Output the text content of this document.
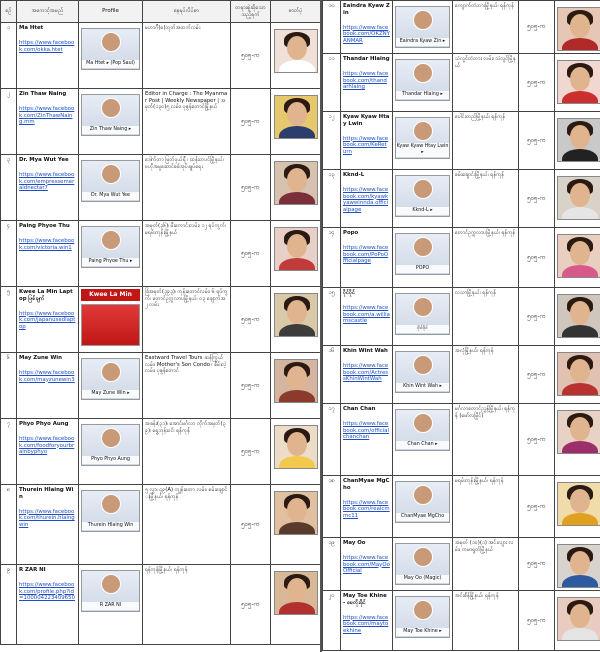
စဉ်	အကောင့်အမည်	Profile	နေရပ်လိပ်စာ	တရားစွဲဆိုသောသည့်ရက်	ဓာတ်ပုံ
၁	Ma Htet
https://www.facebook.com/okka.htet	Ma Htet ▸ (Pop Saul)	မဟာဂီ(စ)ဘုတ်အထက်လမ်း	၅၀၅-က	

၂	Zin Thaw Naing
https://www.facebook.com/ZinThawNaing.mm	Zin Thaw Naing ▸	Editor in Charge : The Myanmar Post | Weekly Newspaper | အမှတ်(၁၃၀)၅ လမ်း၊ ပုဇွန်တောင်မြို့နယ်	၅၀၅-က	

၃	Dr. Mya Wut Yee
https://www.facebook.com/empressemeraldnectar7	Dr. Mya Wut Yee	ဒေါက်တာ မြတ်ဝှယ်ရီ ၊ ထန်းတပင်မြို့နယ်၊ ဗဟိုအမှုဆောင်စစ်အုပ်ချုပ်ရေး	၅၀၅-က	

၄	Paing Phyoe Thu
https://www.facebook.com/victoria.win1	Paing Phyoe Thu ▸	အမှတ်(၃၆)၊ မီးကောင်းလမ်း၊ ၁၂ ရပ်ကွက်၊ မရမ်းကုန်းမြို့နယ်	၅၀၅-က	

၅	Kwee La Min Laptop ဖြစ်ချက်
https://www.facebook.com/japanusedlaptop	Kwee La Min	ခြံအမှတ်(၃၉၃)၊ ကုန်းတောင်လမ်း၊ ၆ ရပ်ကွက်၊ တောင်ဥက္ကလာပမြို့နယ်၊ ဝ၃ ချောက်အ၂ လမ်း	၅၀၅-က	

၆	May Zune Win
https://www.facebook.com/mayzunewin3	May Zune Win ▸	Eastward Travel Tours ဆန်ကြွယ်လမ်း၊ Mother's Son Condo ၊ စိမ်းလဲ့လမ်း၊ ပုဇွန်တောင်	၅၀၅-က	

၇	Phyo Phyo Aung
https://www.facebook.com/foodforyourbrainbyphyo	Phyo Phyo Aung	အခန်း(၃၁)၊ အောင်မင်္ဂလာ တိုက်အမှတ်(၃၉)၊ ရွှေဘုန်းပင်၊ ရန်ကုန်	၅၀၅-က	

၈	Thurein Hlaing Win
https://www.facebook.com/thurein.hlaingwin	Thurein Hlaing Win	၅ လွှာ၊ ၄၉(A) ကျွန်းတော လမ်း၊ စမ်းချောင်းမြို့နယ်၊ ရန်ကုန်	၅၀၅-က	

၉	R ZAR NI
https://www.facebook.com/profile.php?id=100004223409650	R ZAR NI	ရန်ကုန်မြို့နယ်၊ ရန်ကုန်	၅၀၅-က	
၁၀	Eaindra Kyaw Zin
https://www.facebook.com/OKZNYANMAR	Eaindra Kyaw Zin ▸	ကျောက်တံတားမြို့နယ်၊ ရန်ကုန်	၅၀၅-က	

၁၁	Thandar Hlaing
https://www.facebook.com/thandarhlaing	Thandar Hlaing ▸	သံလွင်တံတား လမ်း၊ သံလွင်မြို့နယ်	၅၀၅-က	

၁၂	Kyaw Kyaw Htay Lwin
https://www.facebook.com/KeReturn	Kyaw Kyaw Htay Lwin ▸	ပေါင်းတည်မြို့နယ်၊ ရန်ကုန်	၅၀၅-က	

၁၃	Kknd-L
https://www.facebook.com/kyawkyawwinnda.officialpage	Kknd-L ▸	စမ်းချောင်းမြို့နယ်၊ ရန်ကုန်	၅၀၅-က	

၁၄	Popo
https://www.facebook.com/PoPoOfficialpage	POPO	တောင်ဥက္ကလာပမြို့နယ်၊ ရန်ကုန်	၅၀၅-က	

၁၅	ဝိုင်ဝိုင်
https://www.facebook.com/a.williamscastle	ဝိုင်ဝိုင်	လသာမြို့နယ်၊ ရန်ကုန်	၅၀၅-က	

၁၆	Khin Wint Wah
https://www.facebook.com/ActressKhinWintWah	Khin Wint Wah ▸	အလုံမြို့နယ်၊ ရန်ကုန်	၅၀၅-က	

၁၇	Chan Chan
https://www.facebook.com/officialchanchan	Chan Chan ▸	မင်္ဂလာတောင်ညွှန့်မြို့နယ်၊ ရန်ကုန် (မော်လမြိုင်)	၅၀၅-က	

၁၈	ChanMyae MgCho
https://www.facebook.com/realcmmc11	ChanMyae MgCho	မရမ်းကုန်းမြို့နယ်၊ ရန်ကုန်	၅၀၅-က	

၁၉	May Oo
https://www.facebook.com/MayOoOfficial	May Oo (Magic)	အမှတ် (၁၀)(၁) အင်းလျား လမ်း၊ ကမာရွတ်မြို့နယ်	၅၀၅-က	

၂၀	May Toe Khine - မေတိုးခိုင်
https://www.facebook.com/maytoekhine	May Toe Khine ▸	အင်းစိန်မြို့နယ်၊ ရန်ကုန်	၅၀၅-က	
